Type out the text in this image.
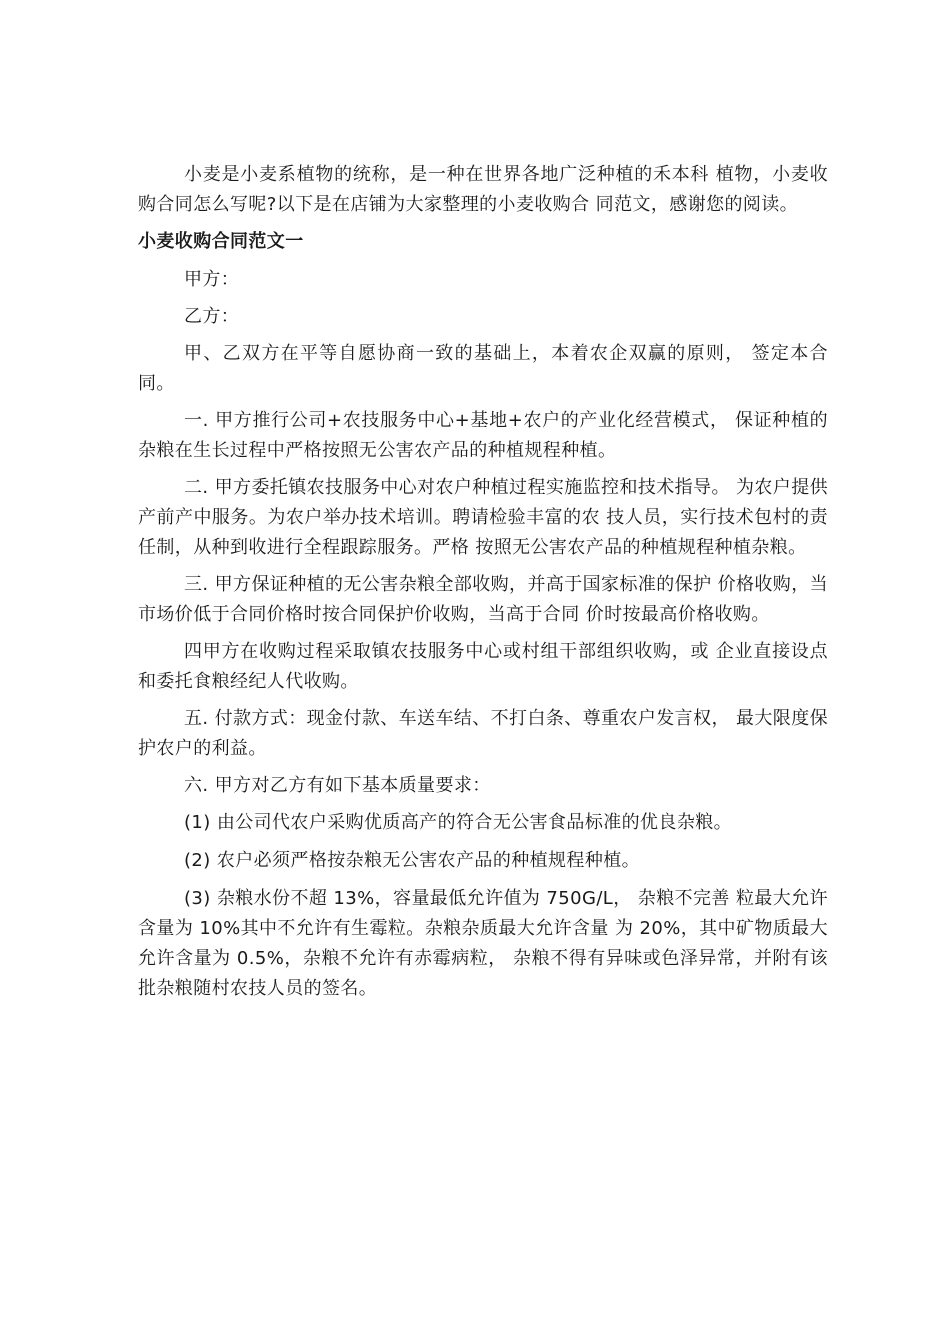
小麦是小麦系植物的统称，是一种在世界各地广泛种植的禾本科 植物，小麦收购合同怎么写呢?以下是在店铺为大家整理的小麦收购合 同范文，感谢您的阅读。

小麦收购合同范文一

甲方：

乙方：

甲、乙双方在平等自愿协商一致的基础上，本着农企双赢的原则， 签定本合同。

一. 甲方推行公司+农技服务中心+基地+农户的产业化经营模式， 保证种植的杂粮在生长过程中严格按照无公害农产品的种植规程种植。

二. 甲方委托镇农技服务中心对农户种植过程实施监控和技术指导。 为农户提供产前产中服务。为农户举办技术培训。聘请检验丰富的农 技人员，实行技术包村的责任制，从种到收进行全程跟踪服务。严格 按照无公害农产品的种植规程种植杂粮。

三. 甲方保证种植的无公害杂粮全部收购，并高于国家标准的保护 价格收购，当市场价低于合同价格时按合同保护价收购，当高于合同 价时按最高价格收购。

四甲方在收购过程采取镇农技服务中心或村组干部组织收购，或 企业直接设点和委托食粮经纪人代收购。

五. 付款方式：现金付款、车送车结、不打白条、尊重农户发言权， 最大限度保护农户的利益。

六. 甲方对乙方有如下基本质量要求：

(1) 由公司代农户采购优质高产的符合无公害食品标准的优良杂粮。

(2) 农户必须严格按杂粮无公害农产品的种植规程种植。

(3) 杂粮水份不超 13%，容量最低允许值为 750G/L， 杂粮不完善 粒最大允许含量为 10%其中不允许有生霉粒。杂粮杂质最大允许含量 为 20%，其中矿物质最大允许含量为 0.5%，杂粮不允许有赤霉病粒， 杂粮不得有异味或色泽异常，并附有该批杂粮随村农技人员的签名。
